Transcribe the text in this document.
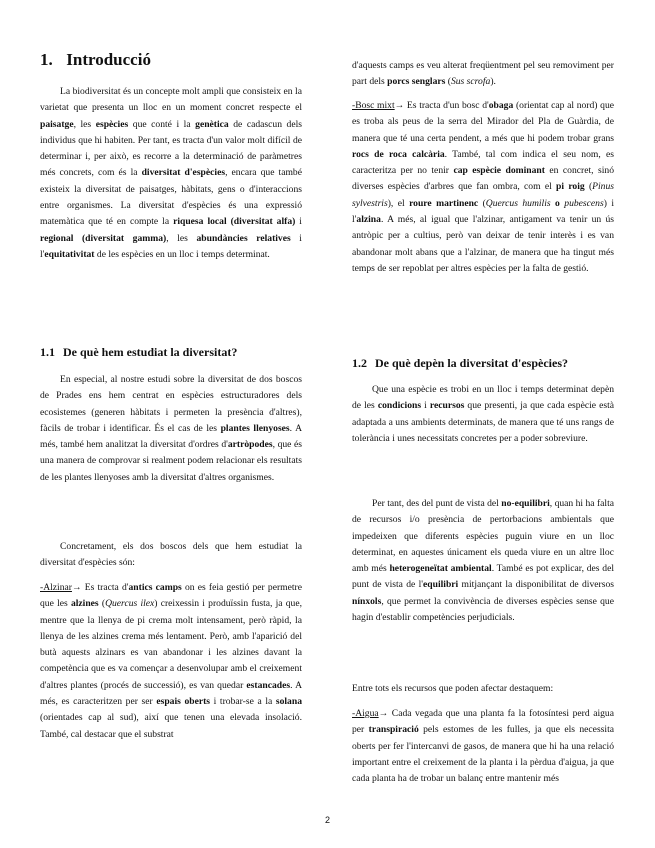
1. Introducció

La biodiversitat és un concepte molt ampli que consisteix en la varietat que presenta un lloc en un moment concret respecte el paisatge, les espècies que conté i la genètica de cadascun dels individus que hi habiten. Per tant, es tracta d'un valor molt difícil de determinar i, per això, es recorre a la determinació de paràmetres més concrets, com és la diversitat d'espècies, encara que també existeix la diversitat de paisatges, hàbitats, gens o d'interaccions entre organismes. La diversitat d'espècies és una expressió matemàtica que té en compte la riquesa local (diversitat alfa) i regional (diversitat gamma), les abundàncies relatives i l'equitativitat de les espècies en un lloc i temps determinat.

1.1 De què hem estudiat la diversitat?

En especial, al nostre estudi sobre la diversitat de dos boscos de Prades ens hem centrat en espècies estructuradores dels ecosistemes (generen hàbitats i permeten la presència d'altres), fàcils de trobar i identificar. És el cas de les plantes llenyoses. A més, també hem analitzat la diversitat d'ordres d'artròpodes, que és una manera de comprovar si realment podem relacionar els resultats de les plantes llenyoses amb la diversitat d'altres organismes.

Concretament, els dos boscos dels que hem estudiat la diversitat d'espècies són:

-Alzinar→ Es tracta d'antics camps on es feia gestió per permetre que les alzines (Quercus ilex) creixessin i produïssin fusta, ja que, mentre que la llenya de pi crema molt intensament, però ràpid, la llenya de les alzines crema més lentament. Però, amb l'aparició del butà aquests alzinars es van abandonar i les alzines davant la competència que es va començar a desenvolupar amb el creixement d'altres plantes (procés de successió), es van quedar estancades. A més, es caracteritzen per ser espais oberts i trobar-se a la solana (orientades cap al sud), així que tenen una elevada insolació. També, cal destacar que el substrat

d'aquests camps es veu alterat freqüentment pel seu removiment per part dels porcs senglars (Sus scrofa).

-Bosc mixt→ Es tracta d'un bosc d'obaga (orientat cap al nord) que es troba als peus de la serra del Mirador del Pla de Guàrdia, de manera que té una certa pendent, a més que hi podem trobar grans rocs de roca calcària. També, tal com indica el seu nom, es caracteritza per no tenir cap espècie dominant en concret, sinó diverses espècies d'arbres que fan ombra, com el pi roig (Pinus sylvestris), el roure martinenc (Quercus humilis o pubescens) i l'alzina. A més, al igual que l'alzinar, antigament va tenir un ús antròpic per a cultius, però van deixar de tenir interès i es van abandonar molt abans que a l'alzinar, de manera que ha tingut més temps de ser repoblat per altres espècies per la falta de gestió.

1.2 De què depèn la diversitat d'espècies?

Que una espècie es trobi en un lloc i temps determinat depèn de les condicions i recursos que presenti, ja que cada espècie està adaptada a uns ambients determinats, de manera que té uns rangs de tolerància i unes necessitats concretes per a poder sobreviure.

Per tant, des del punt de vista del no-equilibri, quan hi ha falta de recursos i/o presència de pertorbacions ambientals que impedeixen que diferents espècies puguin viure en un lloc determinat, en aquestes únicament els queda viure en un altre lloc amb més heterogeneïtat ambiental. També es pot explicar, des del punt de vista de l'equilibri mitjançant la disponibilitat de diversos nínxols, que permet la convivència de diverses espècies sense que hagin d'establir competències perjudicials.

Entre tots els recursos que poden afectar destaquem:

-Aigua→ Cada vegada que una planta fa la fotosíntesi perd aigua per transpiració pels estomes de les fulles, ja que els necessita oberts per fer l'intercanvi de gasos, de manera que hi ha una relació important entre el creixement de la planta i la pèrdua d'aigua, ja que cada planta ha de trobar un balanç entre mantenir més

2
